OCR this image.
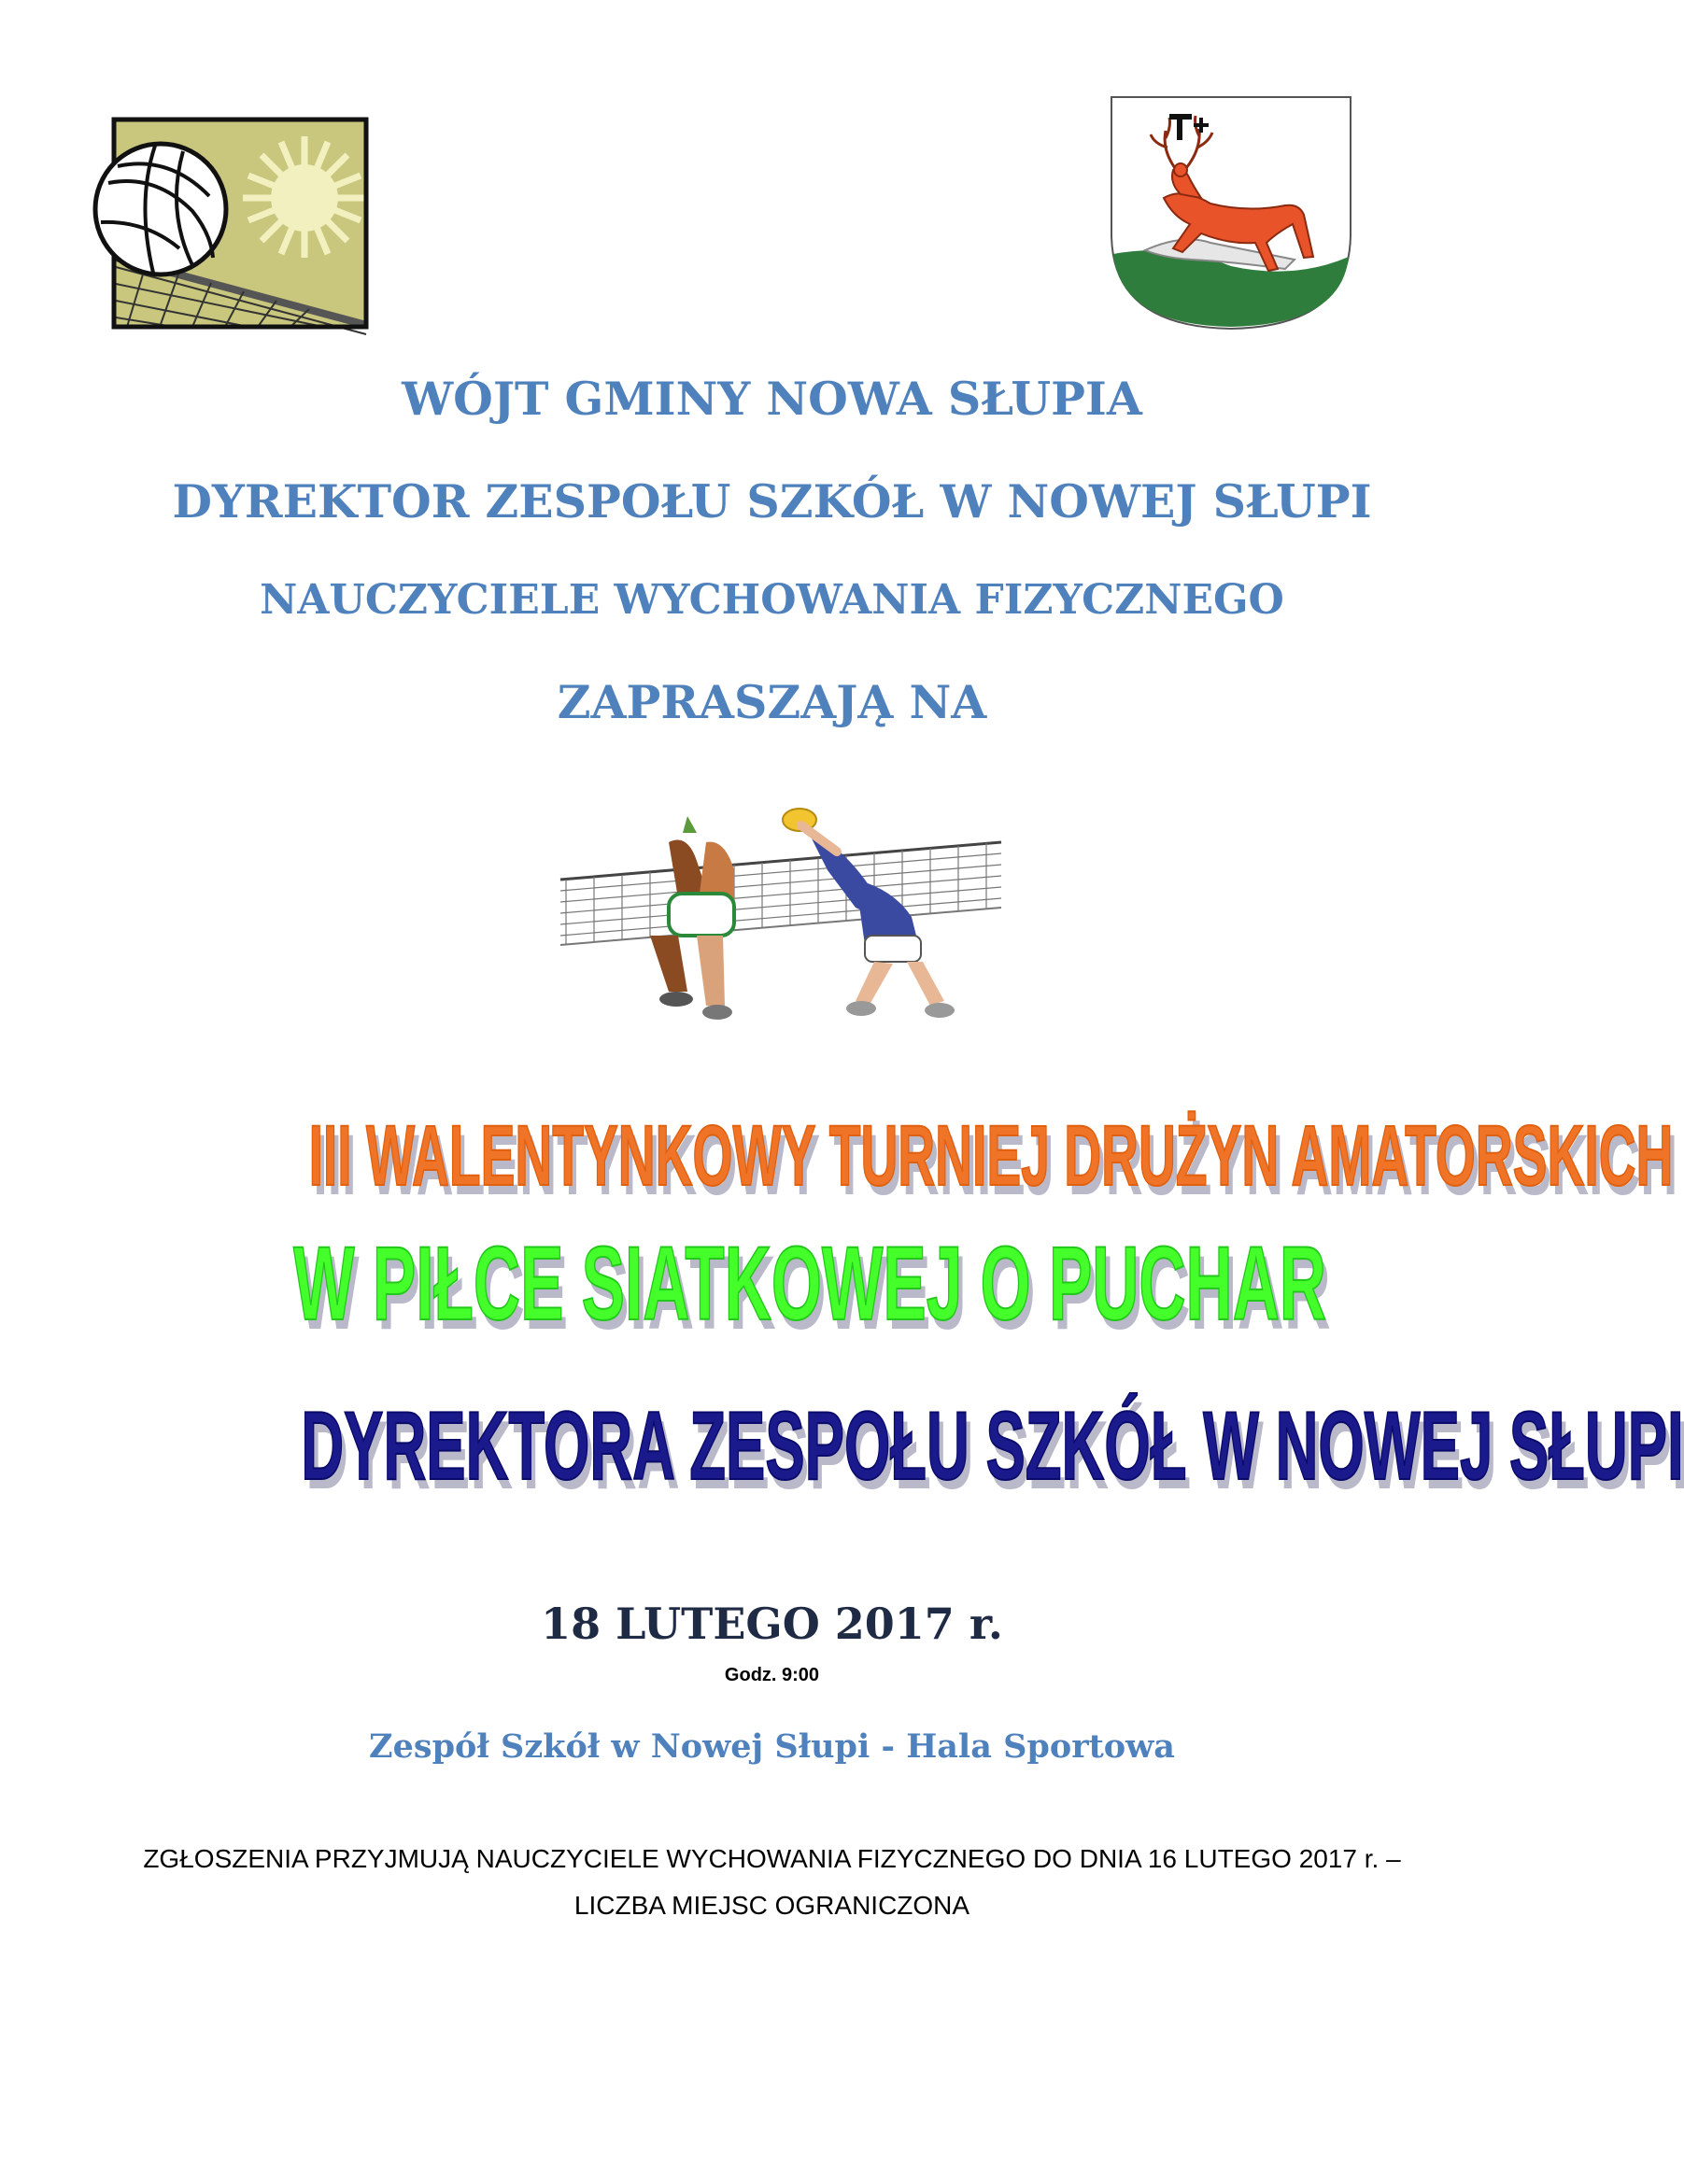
WÓJT GMINY NOWA SŁUPIA
DYREKTOR ZESPOŁU SZKÓŁ W NOWEJ SŁUPI
NAUCZYCIELE WYCHOWANIA FIZYCZNEGO
ZAPRASZAJĄ NA
III WALENTYNKOWY TURNIEJ DRUŻYN AMATORSKICH
W PIŁCE SIATKOWEJ O PUCHAR
DYREKTORA ZESPOŁU SZKÓŁ W NOWEJ SŁUPI
18 LUTEGO 2017 r.
Godz. 9:00
Zespół Szkół w Nowej Słupi - Hala Sportowa
ZGŁOSZENIA PRZYJMUJĄ NAUCZYCIELE WYCHOWANIA FIZYCZNEGO DO DNIA 16 LUTEGO 2017 r. –
LICZBA MIEJSC OGRANICZONA
